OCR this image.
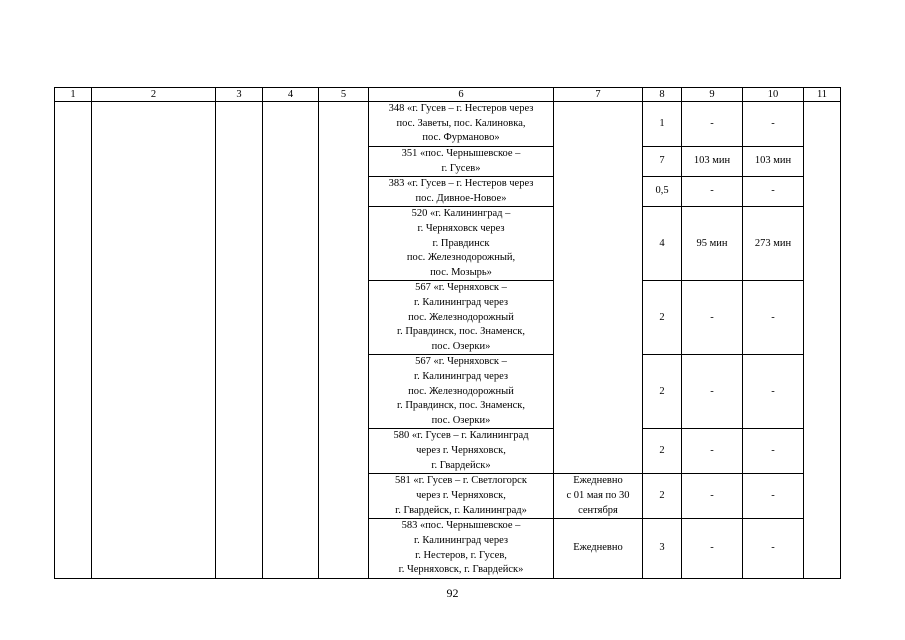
1	2	3	4	5	6	7	8	9	10	11
					348 «г. Гусев – г. Нестеров через
пос. Заветы, пос. Калиновка,
пос. Фурманово»		1	-	-	
					351 «пос. Чернышевское –
г. Гусев»		7	103 мин	103 мин	
					383 «г. Гусев – г. Нестеров через
пос. Дивное-Новое»		0,5	-	-	
					520 «г. Калининград –
г. Черняховск через
г. Правдинск
пос. Железнодорожный,
пос. Мозырь»		4	95 мин	273 мин	
					567 «г. Черняховск –
г. Калининград через
пос. Железнодорожный
г. Правдинск, пос. Знаменск,
пос. Озерки»		2	-	-	
					567 «г. Черняховск –
г. Калининград через
пос. Железнодорожный
г. Правдинск, пос. Знаменск,
пос. Озерки»		2	-	-	
					580 «г. Гусев – г. Калининград
через г. Черняховск,
г. Гвардейск»		2	-	-	
					581 «г. Гусев – г. Светлогорск
через г. Черняховск,
г. Гвардейск, г. Калининград»	Ежедневно
с 01 мая по 30
сентября	2	-	-	
					583 «пос. Чернышевское –
г. Калининград через
г. Нестеров, г. Гусев,
г. Черняховск, г. Гвардейск»	Ежедневно	3	-	-	
92
